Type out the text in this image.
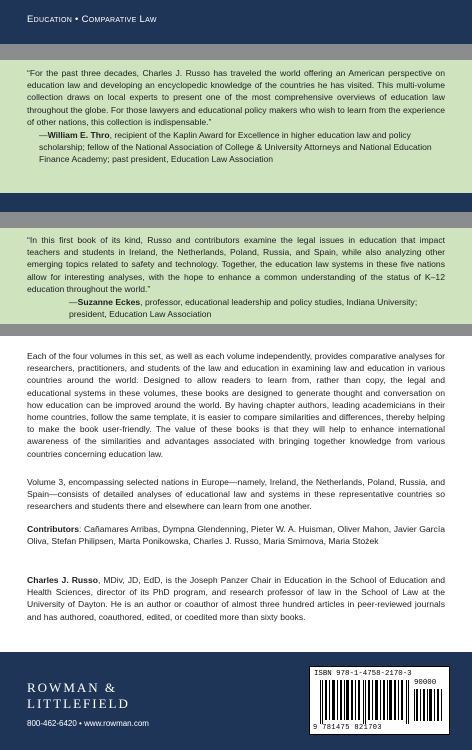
Education • Comparative Law

“For the past three decades, Charles J. Russo has traveled the world offering an American perspective on education law and developing an encyclopedic knowledge of the countries he has visited. This multi-volume collection draws on local experts to present one of the most comprehensive overviews of education law throughout the globe. For those lawyers and educational policy makers who wish to learn from the experience of other nations, this collection is indispensable.”

—William E. Thro, recipient of the Kaplin Award for Excellence in higher education law and policy scholarship; fellow of the National Association of College & University Attorneys and National Education Finance Academy; past president, Education Law Association

“In this first book of its kind, Russo and contributors examine the legal issues in education that impact teachers and students in Ireland, the Netherlands, Poland, Russia, and Spain, while also analyzing other emerging topics related to safety and technology. Together, the education law systems in these five nations allow for interesting analyses, with the hope to enhance a common understanding of the status of K–12 education throughout the world.”

—Suzanne Eckes, professor, educational leadership and policy studies, Indiana University; president, Education Law Association

Each of the four volumes in this set, as well as each volume independently, provides comparative analyses for researchers, practitioners, and students of the law and education in examining law and education in various countries around the world. Designed to allow readers to learn from, rather than copy, the legal and educational systems in these volumes, these books are designed to generate thought and conversation on how education can be improved around the world. By having chapter authors, leading academicians in their home countries, follow the same template, it is easier to compare similarities and differences, thereby helping to make the book user-friendly. The value of these books is that they will help to enhance international awareness of the similarities and advantages associated with bringing together knowledge from various countries concerning education law.

Volume 3, encompassing selected nations in Europe—namely, Ireland, the Netherlands, Poland, Russia, and Spain—consists of detailed analyses of educational law and systems in these representative countries so researchers and students there and elsewhere can learn from one another.

Contributors: Cañamares Arribas, Dympna Glendenning, Pieter W. A. Huisman, Oliver Mahon, Javier García Oliva, Stefan Philipsen, Marta Ponikowska, Charles J. Russo, Maria Smirnova, Maria Stożek
Charles J. Russo, MDiv, JD, EdD, is the Joseph Panzer Chair in Education in the School of Education and Health Sciences, director of its PhD program, and research professor of law in the School of Law at the University of Dayton. He is an author or coauthor of almost three hundred articles in peer-reviewed journals and has authored, coauthored, edited, or coedited more than sixty books.
ROWMAN &
LITTLEFIELD
800-462-6420 • www.rowman.com
ISBN 978-1-4758-2170-3
90000
9 781475 821703
